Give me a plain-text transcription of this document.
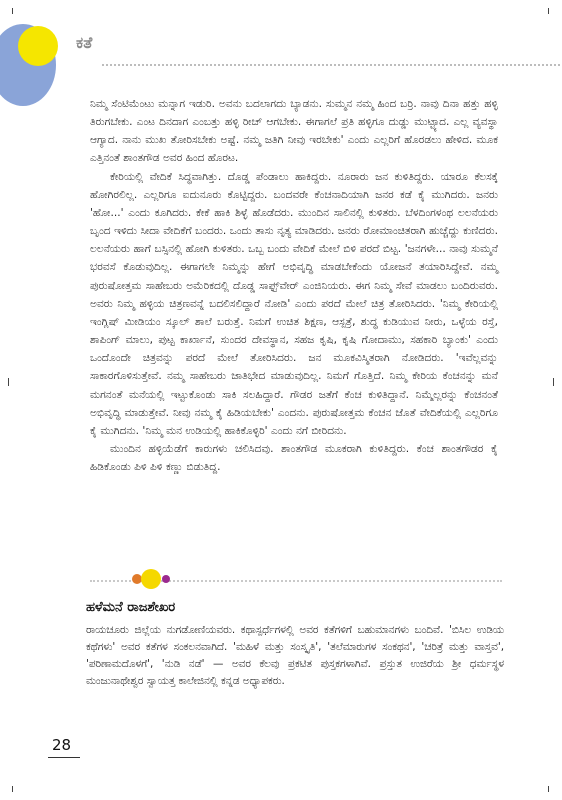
ಕತೆ

ನಿಮ್ಮ ಸೆಂಟಿಮೆಂಟು ಮನ್ನಾಗ ಇಡುರಿ. ಅವನು ಬದಲಾಗದು ಬ್ಯಾಡನು. ಸುಮ್ಮನ ನಮ್ಮ ಹಿಂದ ಬರ್ರಿ. ನಾವು ದಿನಾ ಹತ್ತು ಹಳ್ಳಿ ತಿರುಗಬೇಕು. ಎಂಟ ದಿನದಾಗ ಎಂಬತ್ತು ಹಳ್ಳಿ ರೀಚ್ ಆಗಬೇಕು. ಈಗಾಗಲೆ ಪ್ರತಿ ಹಳ್ಳಿಗೂ ದುಡ್ಡು ಮುಟ್ಟ್ಯಾದ. ಎಲ್ಲ ವ್ಯವಸ್ಥಾ ಆಗ್ಯಾದ. ನಾನು ಮುಖ ತೋರಿಸಬೇಕು ಅಷ್ಟೆ. ನಮ್ಮ ಜತಿಗಿ ನೀವು ಇರಬೇಕು' ಎಂದು ಎಲ್ಲರಿಗೆ ಹೊರಡಲು ಹೇಳಿದ. ಮೂಕ ಎತ್ತಿನಂತೆ ಶಾಂತಗೌಡ ಅವರ ಹಿಂದ ಹೊರಟ.

ಕೇರಿಯಲ್ಲಿ ವೇದಿಕೆ ಸಿದ್ಧವಾಗಿತ್ತು. ದೊಡ್ಡ ಪೆಂಡಾಲು ಹಾಕಿದ್ದರು. ನೂರಾರು ಜನ ಕುಳಿತಿದ್ದರು. ಯಾರೂ ಕೆಲಸಕ್ಕೆ ಹೋಗಿರಲಿಲ್ಲ. ಎಲ್ಲರಿಗೂ ಐದುನೂರು ಕೊಟ್ಟಿದ್ದರು. ಬಂದವರೇ ಕೆಂಚನಾದಿಯಾಗಿ ಜನರ ಕಡೆ ಕೈ ಮುಗಿದರು. ಜನರು 'ಹೋ...' ಎಂದು ಕೂಗಿದರು. ಕೇಕೆ ಹಾಕಿ ಶಿಳ್ಳೆ ಹೊಡೆದರು. ಮುಂದಿನ ಸಾಲಿನಲ್ಲಿ ಕುಳಿತರು. ಬೆಳದಿಂಗಳಂಥ ಲಲನೆಯರು ಬೃಂದ ಇಳಿದು ಸೀದಾ ವೇದಿಕೆಗೆ ಬಂದರು. ಒಂದು ತಾಸು ನೃತ್ಯ ಮಾಡಿದರು. ಜನರು ರೋಮಾಂಚಿತರಾಗಿ ಹುಚ್ಚೆದ್ದು ಕುಣಿದರು. ಲಲನೆಯರು ಹಾಗೆ ಬಸ್ಸಿನಲ್ಲಿ ಹೋಗಿ ಕುಳಿತರು. ಒಬ್ಬ ಬಂದು ವೇದಿಕೆ ಮೇಲೆ ಬಿಳಿ ಪರದೆ ಬಿಟ್ಟ. 'ಜನಗಳೇ... ನಾವು ಸುಮ್ಮನೆ ಭರವಸೆ ಕೊಡುವುದಿಲ್ಲ. ಈಗಾಗಲೇ ನಿಮ್ಮನ್ನು ಹೇಗೆ ಅಭಿವೃದ್ಧಿ ಮಾಡಬೇಕೆಂದು ಯೋಜನೆ ತಯಾರಿಸಿದ್ದೇವೆ. ನಮ್ಮ ಪುರುಷೋತ್ತಮ ಸಾಹೇಬರು ಅಮೆರಿಕದಲ್ಲಿ ದೊಡ್ಡ ಸಾಫ್ಟ್‌ವೇರ್ ಎಂಜಿನಿಯರು. ಈಗ ನಿಮ್ಮ ಸೇವೆ ಮಾಡಲು ಬಂದಿರುವರು. ಅವರು ನಿಮ್ಮ ಹಳ್ಳಿಯ ಚಿತ್ರಣವನ್ನೆ ಬದಲಿಸಲಿದ್ದಾರೆ ನೋಡಿ' ಎಂದು ಪರದೆ ಮೇಲೆ ಚಿತ್ರ ತೋರಿಸಿದರು. 'ನಿಮ್ಮ ಕೇರಿಯಲ್ಲಿ ಇಂಗ್ಲಿಷ್ ಮೀಡಿಯಂ ಸ್ಕೂಲ್ ಶಾಲೆ ಬರುತ್ತೆ. ನಿಮಗೆ ಉಚಿತ ಶಿಕ್ಷಣ, ಆಸ್ಪತ್ರೆ, ಶುದ್ಧ ಕುಡಿಯುವ ನೀರು, ಒಳ್ಳೆಯ ರಸ್ತೆ, ಶಾಪಿಂಗ್ ಮಾಲು, ಪುಟ್ಟ ಕಾರ್ಖಾನೆ, ಸುಂದರ ದೇವಸ್ಥಾನ, ಸಹಜ ಕೃಷಿ, ಕೃಷಿ ಗೋದಾಮು, ಸಹಕಾರಿ ಬ್ಯಾಂಕು' ಎಂದು ಒಂದೊಂದೇ ಚಿತ್ರವನ್ನು ಪರದೆ ಮೇಲೆ ತೋರಿಸಿದರು. ಜನ ಮೂಕವಿಸ್ಮಿತರಾಗಿ ನೋಡಿದರು. 'ಇವೆಲ್ಲವನ್ನು ಸಾಕಾರಗೊಳಿಸುತ್ತೇವೆ. ನಮ್ಮ ಸಾಹೇಬರು ಜಾತಿಭೇದ ಮಾಡುವುದಿಲ್ಲ. ನಿಮಗೆ ಗೊತ್ತಿದೆ. ನಿಮ್ಮ ಕೇರಿಯ ಕೆಂಚನನ್ನು ಮನೆ ಮಗನಂತೆ ಮನೆಯಲ್ಲಿ ಇಟ್ಟುಕೊಂಡು ಸಾಕಿ ಸಲಹಿದ್ದಾರೆ. ಗೌಡರ ಜತೆಗೆ ಕೆಂಚ ಕುಳಿತಿದ್ದಾನೆ. ನಿಮ್ಮೆಲ್ಲರನ್ನು ಕೆಂಚನಂತೆ ಅಭಿವೃದ್ಧಿ ಮಾಡುತ್ತೇವೆ. ನೀವು ನಮ್ಮ ಕೈ ಹಿಡಿಯಬೇಕು' ಎಂದನು. ಪುರುಷೋತ್ತಮ ಕೆಂಚನ ಜೊತೆ ವೇದಿಕೆಯಲ್ಲಿ ಎಲ್ಲರಿಗೂ ಕೈ ಮುಗಿದನು. 'ನಿಮ್ಮ ಮನ ಉಡಿಯಲ್ಲಿ ಹಾಕಿಕೊಳ್ಳಿರಿ' ಎಂದು ನಗೆ ಬೀರಿದನು.

ಮುಂದಿನ ಹಳ್ಳಿಯೆಡೆಗೆ ಕಾರುಗಳು ಚಲಿಸಿದವು. ಶಾಂತಗೌಡ ಮೂಕರಾಗಿ ಕುಳಿತಿದ್ದರು. ಕೆಂಚ ಶಾಂತಗೌಡರ ಕೈ ಹಿಡಿಕೊಂಡು ಪಿಳಿ ಪಿಳಿ ಕಣ್ಣು ಬಿಡುತಿದ್ದ.

ಹಳೆಮನೆ ರಾಜಶೇಖರ
ರಾಯಚೂರು ಜಿಲ್ಲೆಯ ನುಗಡೋಣಿಯವರು. ಕಥಾಸ್ಪರ್ಧೆಗಳಲ್ಲಿ ಅವರ ಕತೆಗಳಿಗೆ ಬಹುಮಾನಗಳು ಬಂದಿವೆ. 'ಬಿಸಿಲ ಉಡಿಯ ಕಥೆಗಳು' ಅವರ ಕತೆಗಳ ಸಂಕಲನವಾಗಿದೆ. 'ಮಹಿಳೆ ಮತ್ತು ಸಂಸ್ಕೃತಿ', 'ತಲೆಮಾರುಗಳ ಸಂಕಥನ', 'ಚರಿತ್ರೆ ಮತ್ತು ವಾಸ್ತವ', 'ಪರಿಣಾಮದೊಳಗೆ', 'ನುಡಿ ನಡೆ' — ಅವರ ಕೆಲವು ಪ್ರಕಟಿತ ಪುಸ್ತಕಗಳಾಗಿವೆ. ಪ್ರಸ್ತುತ ಉಜಿರೆಯ ಶ್ರೀ ಧರ್ಮಸ್ಥಳ ಮಂಜುನಾಥೇಶ್ವರ ಸ್ವಾಯತ್ತ ಕಾಲೇಜಿನಲ್ಲಿ ಕನ್ನಡ ಅಧ್ಯಾಪಕರು.
28
